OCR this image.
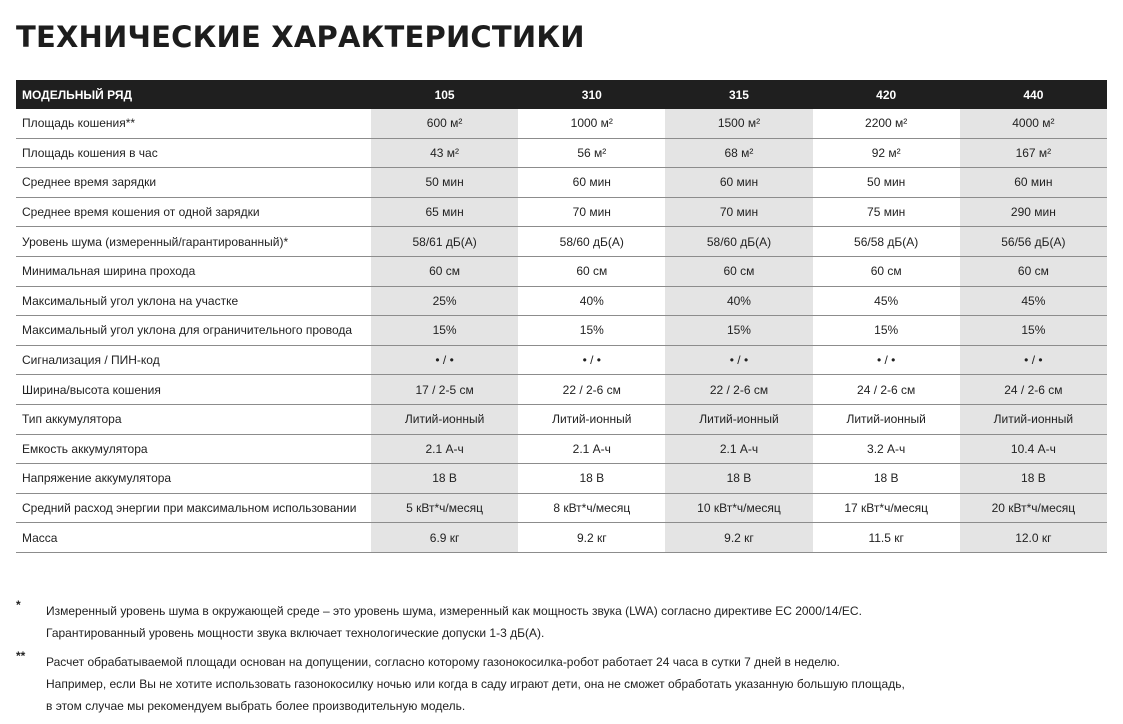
ТЕХНИЧЕСКИЕ ХАРАКТЕРИСТИКИ
МОДЕЛЬНЫЙ РЯД	105	310	315	420	440
Площадь кошения**	600 м²	1000 м²	1500 м²	2200 м²	4000 м²
Площадь кошения в час	43 м²	56 м²	68 м²	92 м²	167 м²
Среднее время зарядки	50 мин	60 мин	60 мин	50 мин	60 мин
Среднее время кошения от одной зарядки	65 мин	70 мин	70 мин	75 мин	290 мин
Уровень шума (измеренный/гарантированный)*	58/61 дБ(А)	58/60 дБ(А)	58/60 дБ(А)	56/58 дБ(А)	56/56 дБ(А)
Минимальная ширина прохода	60 см	60 см	60 см	60 см	60 см
Максимальный угол уклона на участке	25%	40%	40%	45%	45%
Максимальный угол уклона для ограничительного провода	15%	15%	15%	15%	15%
Сигнализация / ПИН-код	• / •	• / •	• / •	• / •	• / •
Ширина/высота кошения	17 / 2-5 см	22 / 2-6 см	22 / 2-6 см	24 / 2-6 см	24 / 2-6 см
Тип аккумулятора	Литий-ионный	Литий-ионный	Литий-ионный	Литий-ионный	Литий-ионный
Емкость аккумулятора	2.1 А-ч	2.1 А-ч	2.1 А-ч	3.2 А-ч	10.4 А-ч
Напряжение аккумулятора	18 В	18 В	18 В	18 В	18 В
Средний расход энергии при максимальном использовании	5 кВт*ч/месяц	8 кВт*ч/месяц	10 кВт*ч/месяц	17 кВт*ч/месяц	20 кВт*ч/месяц
Масса	6.9 кг	9.2 кг	9.2 кг	11.5 кг	12.0 кг
* Измеренный уровень шума в окружающей среде – это уровень шума, измеренный как мощность звука (LWA) согласно директиве ЕС 2000/14/ЕС.
Гарантированный уровень мощности звука включает технологические допуски 1-3 дБ(А).
** Расчет обрабатываемой площади основан на допущении, согласно которому газонокосилка-робот работает 24 часа в сутки 7 дней в неделю.
Например, если Вы не хотите использовать газонокосилку ночью или когда в саду играют дети, она не сможет обработать указанную большую площадь,
в этом случае мы рекомендуем выбрать более производительную модель.
